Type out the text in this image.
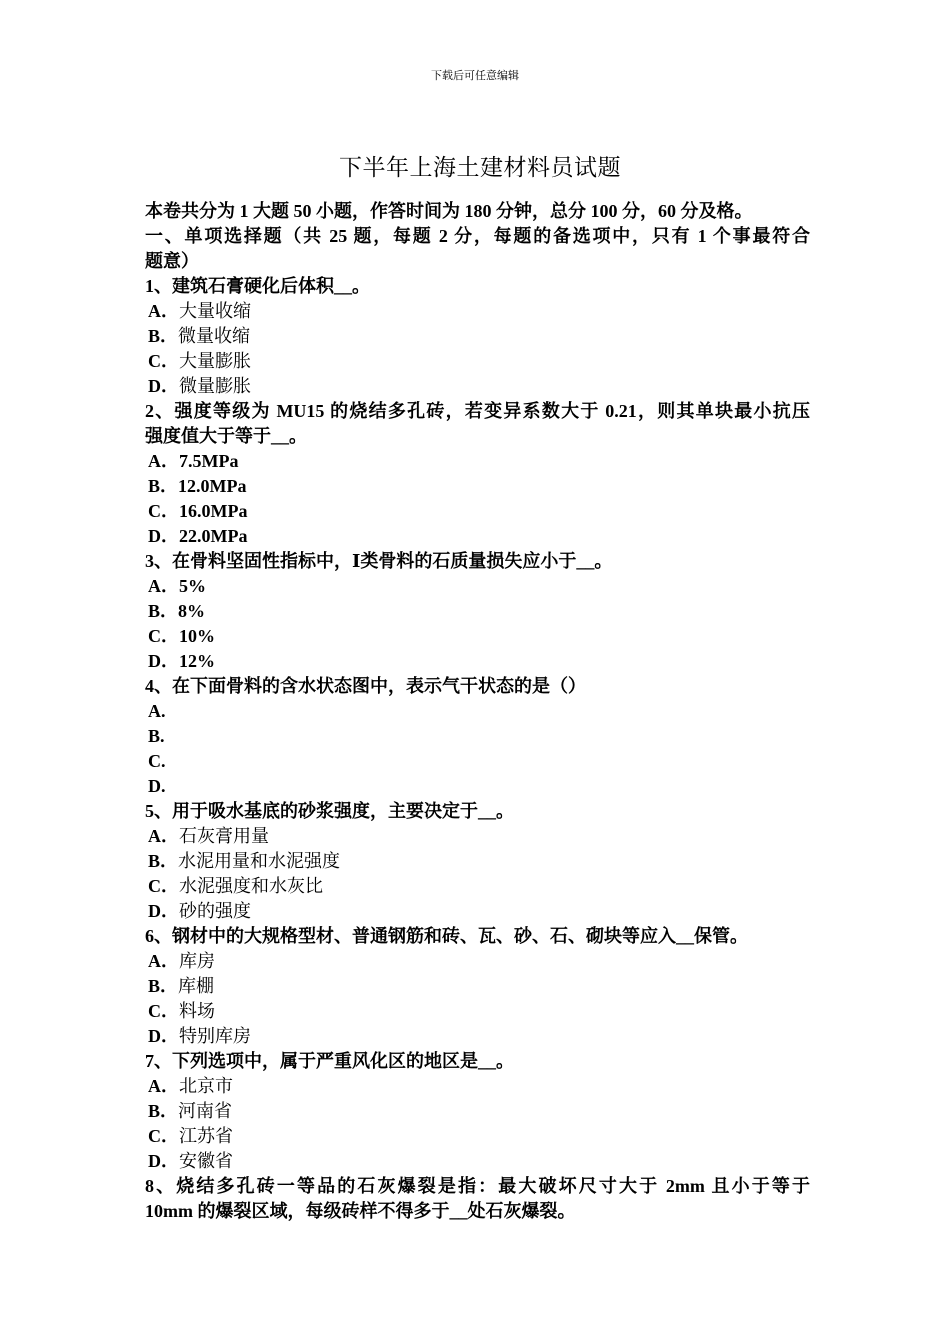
下载后可任意编辑
下半年上海土建材料员试题
本卷共分为 1 大题 50 小题，作答时间为 180 分钟，总分 100 分，60 分及格。
一、单项选择题（共 25 题，每题 2 分，每题的备选项中，只有 1 个事最符合
题意）
1、建筑石膏硬化后体积__。
A．大量收缩
B．微量收缩
C．大量膨胀
D．微量膨胀
2、强度等级为 MU15 的烧结多孔砖，若变异系数大于 0.21，则其单块最小抗压
强度值大于等于__。
A．7.5MPa
B．12.0MPa
C．16.0MPa
D．22.0MPa
3、在骨料坚固性指标中，Ⅰ类骨料的石质量损失应小于__。
A．5%
B．8%
C．10%
D．12%
4、在下面骨料的含水状态图中，表示气干状态的是（）
A.
B.
C.
D.
5、用于吸水基底的砂浆强度，主要决定于__。
A．石灰膏用量
B．水泥用量和水泥强度
C．水泥强度和水灰比
D．砂的强度
6、钢材中的大规格型材、普通钢筋和砖、瓦、砂、石、砌块等应入__保管。
A．库房
B．库棚
C．料场
D．特别库房
7、下列选项中，属于严重风化区的地区是__。
A．北京市
B．河南省
C．江苏省
D．安徽省
8、烧结多孔砖一等品的石灰爆裂是指：最大破坏尺寸大于 2mm 且小于等于
10mm 的爆裂区域，每级砖样不得多于__处石灰爆裂。
